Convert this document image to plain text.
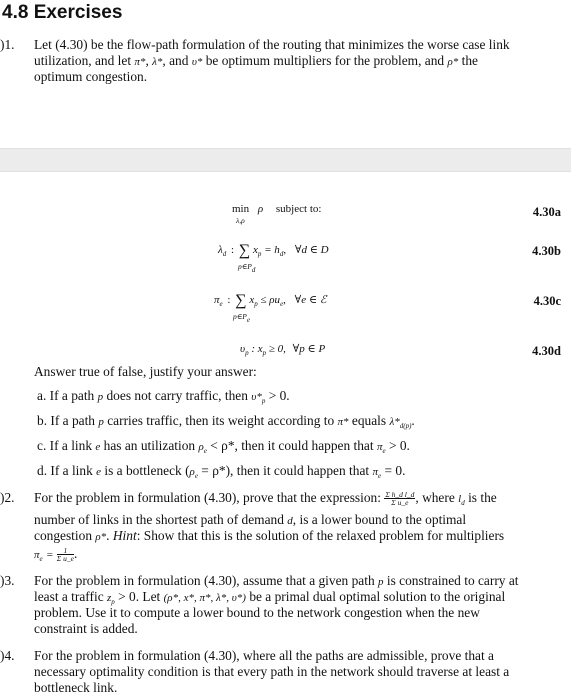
4.8 Exercises
)1. Let (4.30) be the flow-path formulation of the routing that minimizes the worse case link
utilization, and let π*, λ*, and υ* be optimum multipliers for the problem, and ρ* the
optimum congestion.
min ρ subject to:
λ,ρ
4.30a
$\lambda_d$ : ∑ $x_p = h_d$, ∀d ∈ D
p∈Pd
4.30b
$\pi_e$ : ∑ $x_p \le \rho u_e$, ∀e ∈ ℰ
p∈Pe
4.30c
$\upsilon_p$ : $x_p \ge 0$, ∀p ∈ P	4.30d
Answer true of false, justify your answer:
a. If a path p does not carry traffic, then $\upsilon*_p > 0$.
b. If a path p carries traffic, then its weight according to π* equals $\lambda*_{d(p)}$.
c. If a link e has an utilization $\rho_e < \rho*$, then it could happen that $\pi_e > 0$.
d. If a link e is a bottleneck $(\rho_e = \rho*)$, then it could happen that $\pi_e = 0$.
)2. For the problem in formulation (4.30), prove that the expression: $\frac{\text{Σ h\_d l\_d}}{\text{Σ u\_e}}$ , where $l_d$ is the
number of links in the shortest path of demand d, is a lower bound to the optimal
congestion ρ*. Hint: Show that this is the solution of the relaxed problem for multipliers
$\pi_e = \frac{1}{\text{Σ u\_e}}$ .
)3. For the problem in formulation (4.30), assume that a given path p is constrained to carry at
least a traffic $z_p > 0$. Let (ρ*, x*, π*, λ*, υ*) be a primal dual optimal solution to the original
problem. Use it to compute a lower bound to the network congestion when the new
constraint is added.
)4. For the problem in formulation (4.30), where all the paths are admissible, prove that a
necessary optimality condition is that every path in the network should traverse at least a
bottleneck link.
